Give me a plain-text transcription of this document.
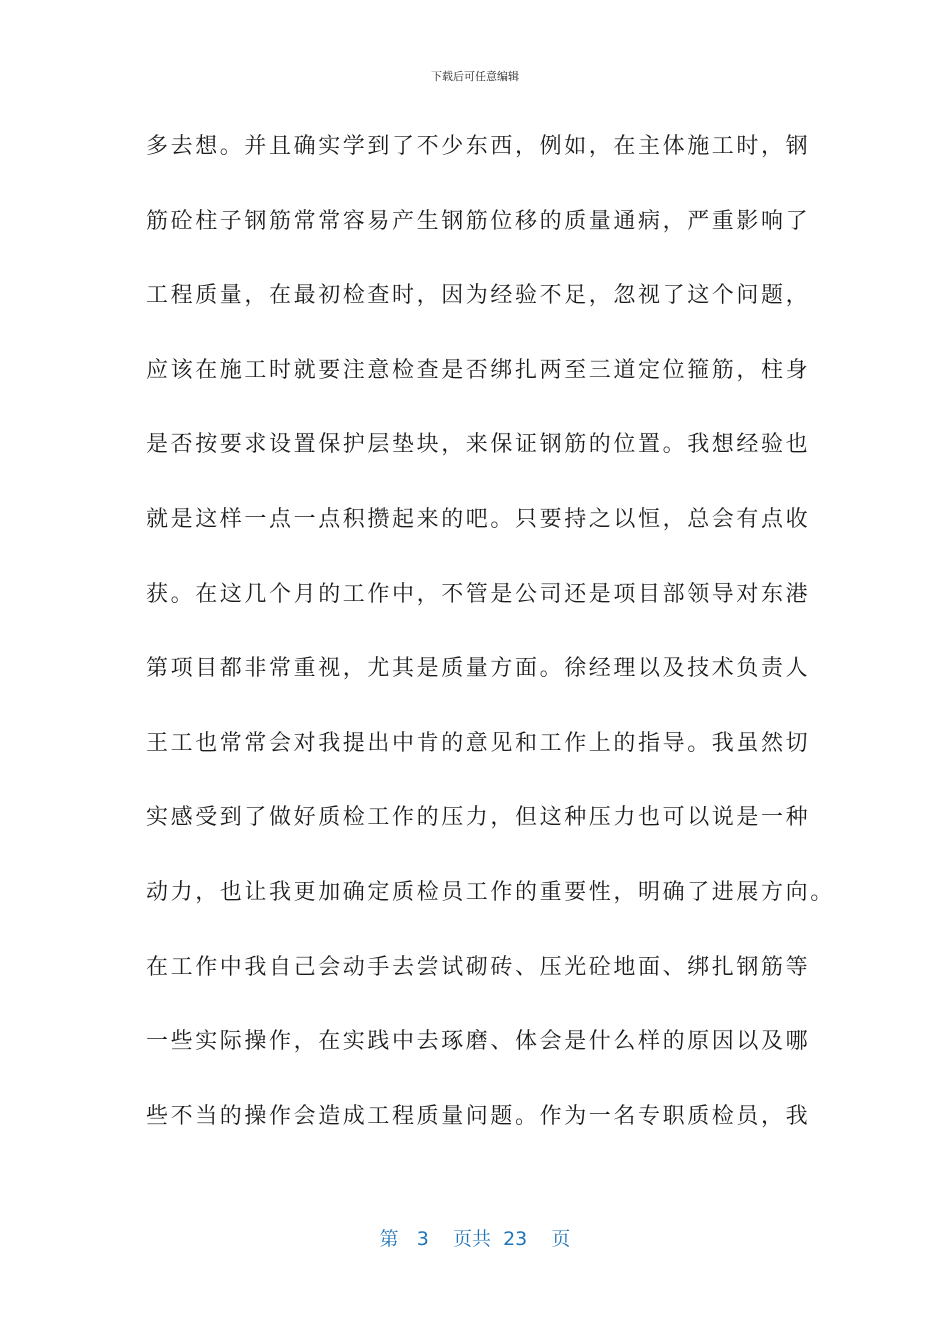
下载后可任意编辑
多去想。并且确实学到了不少东西，例如，在主体施工时，钢
筋砼柱子钢筋常常容易产生钢筋位移的质量通病，严重影响了
工程质量，在最初检查时，因为经验不足，忽视了这个问题，
应该在施工时就要注意检查是否绑扎两至三道定位箍筋，柱身
是否按要求设置保护层垫块，来保证钢筋的位置。我想经验也
就是这样一点一点积攒起来的吧。只要持之以恒，总会有点收
获。在这几个月的工作中，不管是公司还是项目部领导对东港
第项目都非常重视，尤其是质量方面。徐经理以及技术负责人
王工也常常会对我提出中肯的意见和工作上的指导。我虽然切
实感受到了做好质检工作的压力，但这种压力也可以说是一种
动力，也让我更加确定质检员工作的重要性，明确了进展方向。
在工作中我自己会动手去尝试砌砖、压光砼地面、绑扎钢筋等
一些实际操作，在实践中去琢磨、体会是什么样的原因以及哪
些不当的操作会造成工程质量问题。作为一名专职质检员，我
第 3 页共 23 页
